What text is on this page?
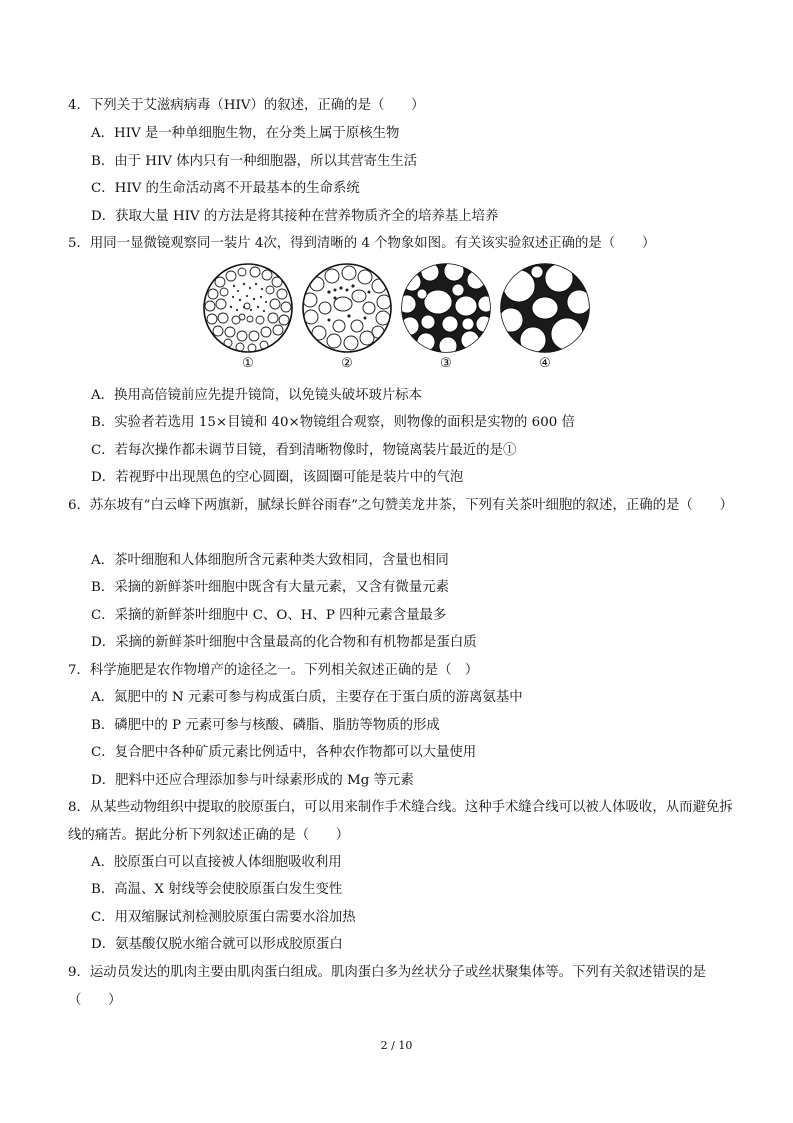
4．下列关于艾滋病病毒（HIV）的叙述，正确的是（　　）
A．HIV 是一种单细胞生物，在分类上属于原核生物
B．由于 HIV 体内只有一种细胞器，所以其营寄生生活
C．HIV 的生命活动离不开最基本的生命系统
D．获取大量 HIV 的方法是将其接种在营养物质齐全的培养基上培养
5．用同一显微镜观察同一装片 4次，得到清晰的 4 个物象如图。有关该实验叙述正确的是（　　）
①	②	③	④
A．换用高倍镜前应先提升镜筒，以免镜头破坏玻片标本
B．实验者若选用 15×目镜和 40×物镜组合观察，则物像的面积是实物的 600 倍
C．若每次操作都未调节目镜，看到清晰物像时，物镜离装片最近的是①
D．若视野中出现黑色的空心圆圈，该圆圈可能是装片中的气泡
6．苏东坡有“白云峰下两旗新，腻绿长鲜谷雨春”之句赞美龙井茶，下列有关茶叶细胞的叙述，正确的是（　　）
A．茶叶细胞和人体细胞所含元素种类大致相同，含量也相同
B．采摘的新鲜茶叶细胞中既含有大量元素，又含有微量元素
C．采摘的新鲜茶叶细胞中 C、O、H、P 四种元素含量最多
D．采摘的新鲜茶叶细胞中含量最高的化合物和有机物都是蛋白质
7．科学施肥是农作物增产的途径之一。下列相关叙述正确的是（　）
A．氮肥中的 N 元素可参与构成蛋白质，主要存在于蛋白质的游离氨基中
B．磷肥中的 P 元素可参与核酸、磷脂、脂肪等物质的形成
C．复合肥中各种矿质元素比例适中，各种农作物都可以大量使用
D．肥料中还应合理添加参与叶绿素形成的 Mg 等元素
8．从某些动物组织中提取的胶原蛋白，可以用来制作手术缝合线。这种手术缝合线可以被人体吸收，从而避免拆线的痛苦。据此分析下列叙述正确的是（　　）
A．胶原蛋白可以直接被人体细胞吸收利用
B．高温、X 射线等会使胶原蛋白发生变性
C．用双缩脲试剂检测胶原蛋白需要水浴加热
D．氨基酸仅脱水缩合就可以形成胶原蛋白
9．运动员发达的肌肉主要由肌肉蛋白组成。肌肉蛋白多为丝状分子或丝状聚集体等。下列有关叙述错误的是（　　）
2 / 10
